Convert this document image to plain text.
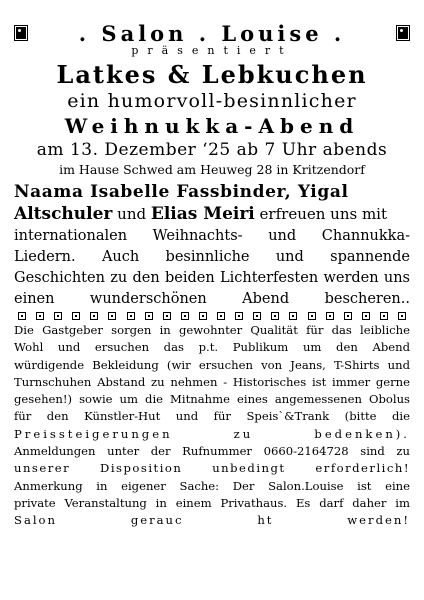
. Salon . Louise .
präsentiert
Latkes & Lebkuchen
ein humorvoll-besinnlicher
Weihnukka-Abend
am 13. Dezember ‘25 ab 7 Uhr abends
im Hause Schwed am Heuweg 28 in Kritzendorf
Naama Isabelle Fassbinder, Yigal
Altschuler und Elias Meiri erfreuen uns mit
internationalen Weihnachts- und Channukka-
Liedern. Auch besinnliche und spannende
Geschichten zu den beiden Lichterfesten werden uns
einen wunderschönen Abend bescheren..
Die Gastgeber sorgen in gewohnter Qualität für das leibliche
Wohl und ersuchen das p.t. Publikum um den Abend
würdigende Bekleidung (wir ersuchen von Jeans, T-Shirts und
Turnschuhen Abstand zu nehmen - Historisches ist immer gerne
gesehen!) sowie um die Mitnahme eines angemessenen Obolus
für den Künstler-Hut und für Speis`&Trank (bitte die
Preissteigerungen zu bedenken).
Anmeldungen unter der Rufnummer 0660-2164728 sind zu
unserer Disposition unbedingt erforderlich!
Anmerkung in eigener Sache: Der Salon.Louise ist eine
private Veranstaltung in einem Privathaus. Es darf daher im
Salon gerauc ht werden!
